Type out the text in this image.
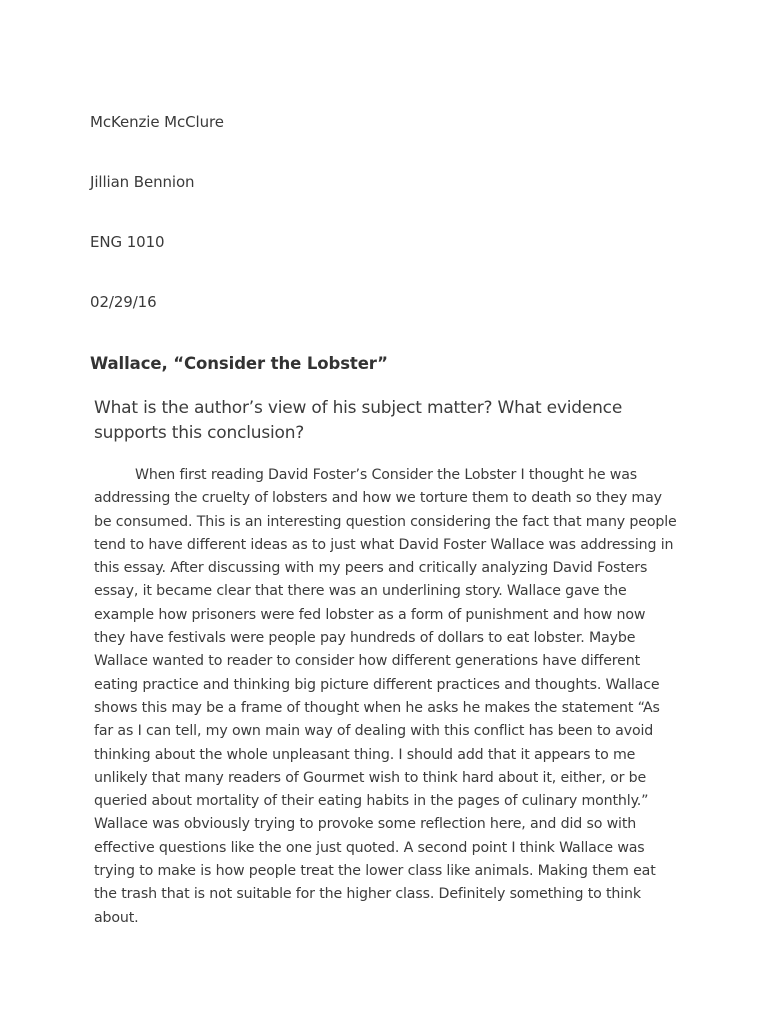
McKenzie McClure
Jillian Bennion
ENG 1010
02/29/16
Wallace, “Consider the Lobster”
What is the author’s view of his subject matter? What evidence supports this conclusion?
When first reading David Foster’s Consider the Lobster I thought he was
addressing the cruelty of lobsters and how we torture them to death so they may
be consumed. This is an interesting question considering the fact that many people
tend to have different ideas as to just what David Foster Wallace was addressing in
this essay. After discussing with my peers and critically analyzing David Fosters
essay, it became clear that there was an underlining story. Wallace gave the
example how prisoners were fed lobster as a form of punishment and how now
they have festivals were people pay hundreds of dollars to eat lobster. Maybe
Wallace wanted to reader to consider how different generations have different
eating practice and thinking big picture different practices and thoughts. Wallace
shows this may be a frame of thought when he asks he makes the statement “As
far as I can tell, my own main way of dealing with this conflict has been to avoid
thinking about the whole unpleasant thing. I should add that it appears to me
unlikely that many readers of Gourmet wish to think hard about it, either, or be
queried about mortality of their eating habits in the pages of culinary monthly.”
Wallace was obviously trying to provoke some reflection here, and did so with
effective questions like the one just quoted. A second point I think Wallace was
trying to make is how people treat the lower class like animals. Making them eat
the trash that is not suitable for the higher class. Definitely something to think
about.
